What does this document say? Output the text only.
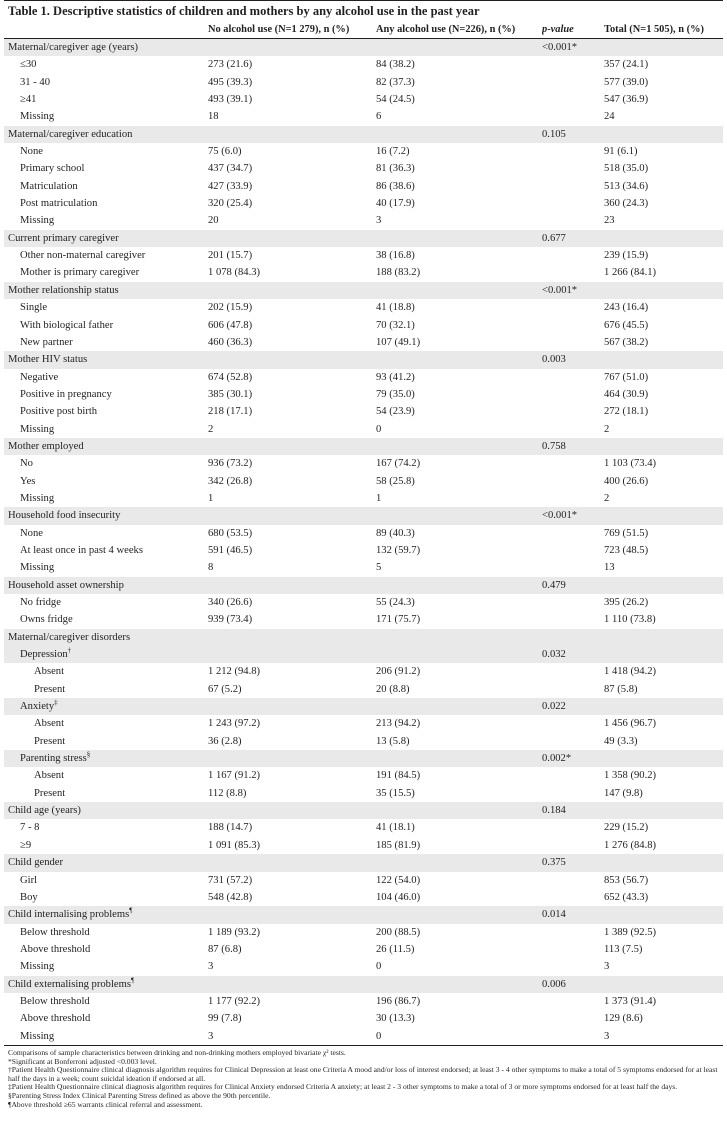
Table 1. Descriptive statistics of children and mothers by any alcohol use in the past year
	No alcohol use (N=1 279), n (%)	Any alcohol use (N=226), n (%)	p-value	Total (N=1 505), n (%)
Maternal/caregiver age (years)			<0.001*	
≤30	273 (21.6)	84 (38.2)		357 (24.1)
31 - 40	495 (39.3)	82 (37.3)		577 (39.0)
≥41	493 (39.1)	54 (24.5)		547 (36.9)
Missing	18	6		24
Maternal/caregiver education			0.105	
None	75 (6.0)	16 (7.2)		91 (6.1)
Primary school	437 (34.7)	81 (36.3)		518 (35.0)
Matriculation	427 (33.9)	86 (38.6)		513 (34.6)
Post matriculation	320 (25.4)	40 (17.9)		360 (24.3)
Missing	20	3		23
Current primary caregiver			0.677	
Other non-maternal caregiver	201 (15.7)	38 (16.8)		239 (15.9)
Mother is primary caregiver	1 078 (84.3)	188 (83.2)		1 266 (84.1)
Mother relationship status			<0.001*	
Single	202 (15.9)	41 (18.8)		243 (16.4)
With biological father	606 (47.8)	70 (32.1)		676 (45.5)
New partner	460 (36.3)	107 (49.1)		567 (38.2)
Mother HIV status			0.003	
Negative	674 (52.8)	93 (41.2)		767 (51.0)
Positive in pregnancy	385 (30.1)	79 (35.0)		464 (30.9)
Positive post birth	218 (17.1)	54 (23.9)		272 (18.1)
Missing	2	0		2
Mother employed			0.758	
No	936 (73.2)	167 (74.2)		1 103 (73.4)
Yes	342 (26.8)	58 (25.8)		400 (26.6)
Missing	1	1		2
Household food insecurity			<0.001*	
None	680 (53.5)	89 (40.3)		769 (51.5)
At least once in past 4 weeks	591 (46.5)	132 (59.7)		723 (48.5)
Missing	8	5		13
Household asset ownership			0.479	
No fridge	340 (26.6)	55 (24.3)		395 (26.2)
Owns fridge	939 (73.4)	171 (75.7)		1 110 (73.8)
Maternal/caregiver disorders				
Depression†			0.032	
Absent	1 212 (94.8)	206 (91.2)		1 418 (94.2)
Present	67 (5.2)	20 (8.8)		87 (5.8)
Anxiety‡			0.022	
Absent	1 243 (97.2)	213 (94.2)		1 456 (96.7)
Present	36 (2.8)	13 (5.8)		49 (3.3)
Parenting stress§			0.002*	
Absent	1 167 (91.2)	191 (84.5)		1 358 (90.2)
Present	112 (8.8)	35 (15.5)		147 (9.8)
Child age (years)			0.184	
7 - 8	188 (14.7)	41 (18.1)		229 (15.2)
≥9	1 091 (85.3)	185 (81.9)		1 276 (84.8)
Child gender			0.375	
Girl	731 (57.2)	122 (54.0)		853 (56.7)
Boy	548 (42.8)	104 (46.0)		652 (43.3)
Child internalising problems¶			0.014	
Below threshold	1 189 (93.2)	200 (88.5)		1 389 (92.5)
Above threshold	87 (6.8)	26 (11.5)		113 (7.5)
Missing	3	0		3
Child externalising problems¶			0.006	
Below threshold	1 177 (92.2)	196 (86.7)		1 373 (91.4)
Above threshold	99 (7.8)	30 (13.3)		129 (8.6)
Missing	3	0		3
Comparisons of sample characteristics between drinking and non-drinking mothers employed bivariate χ² tests.
*Significant at Bonferroni adjusted <0.003 level.
†Patient Health Questionnaire clinical diagnosis algorithm requires for Clinical Depression at least one Criteria A mood and/or loss of interest endorsed; at least 3 - 4 other symptoms to make a total of 5 symptoms endorsed for at least half the days in a week; count suicidal ideation if endorsed at all.
‡Patient Health Questionnaire clinical diagnosis algorithm requires for Clinical Anxiety endorsed Criteria A anxiety; at least 2 - 3 other symptoms to make a total of 3 or more symptoms endorsed for at least half the days.
§Parenting Stress Index Clinical Parenting Stress defined as above the 90th percentile.
¶Above threshold ≥65 warrants clinical referral and assessment.
